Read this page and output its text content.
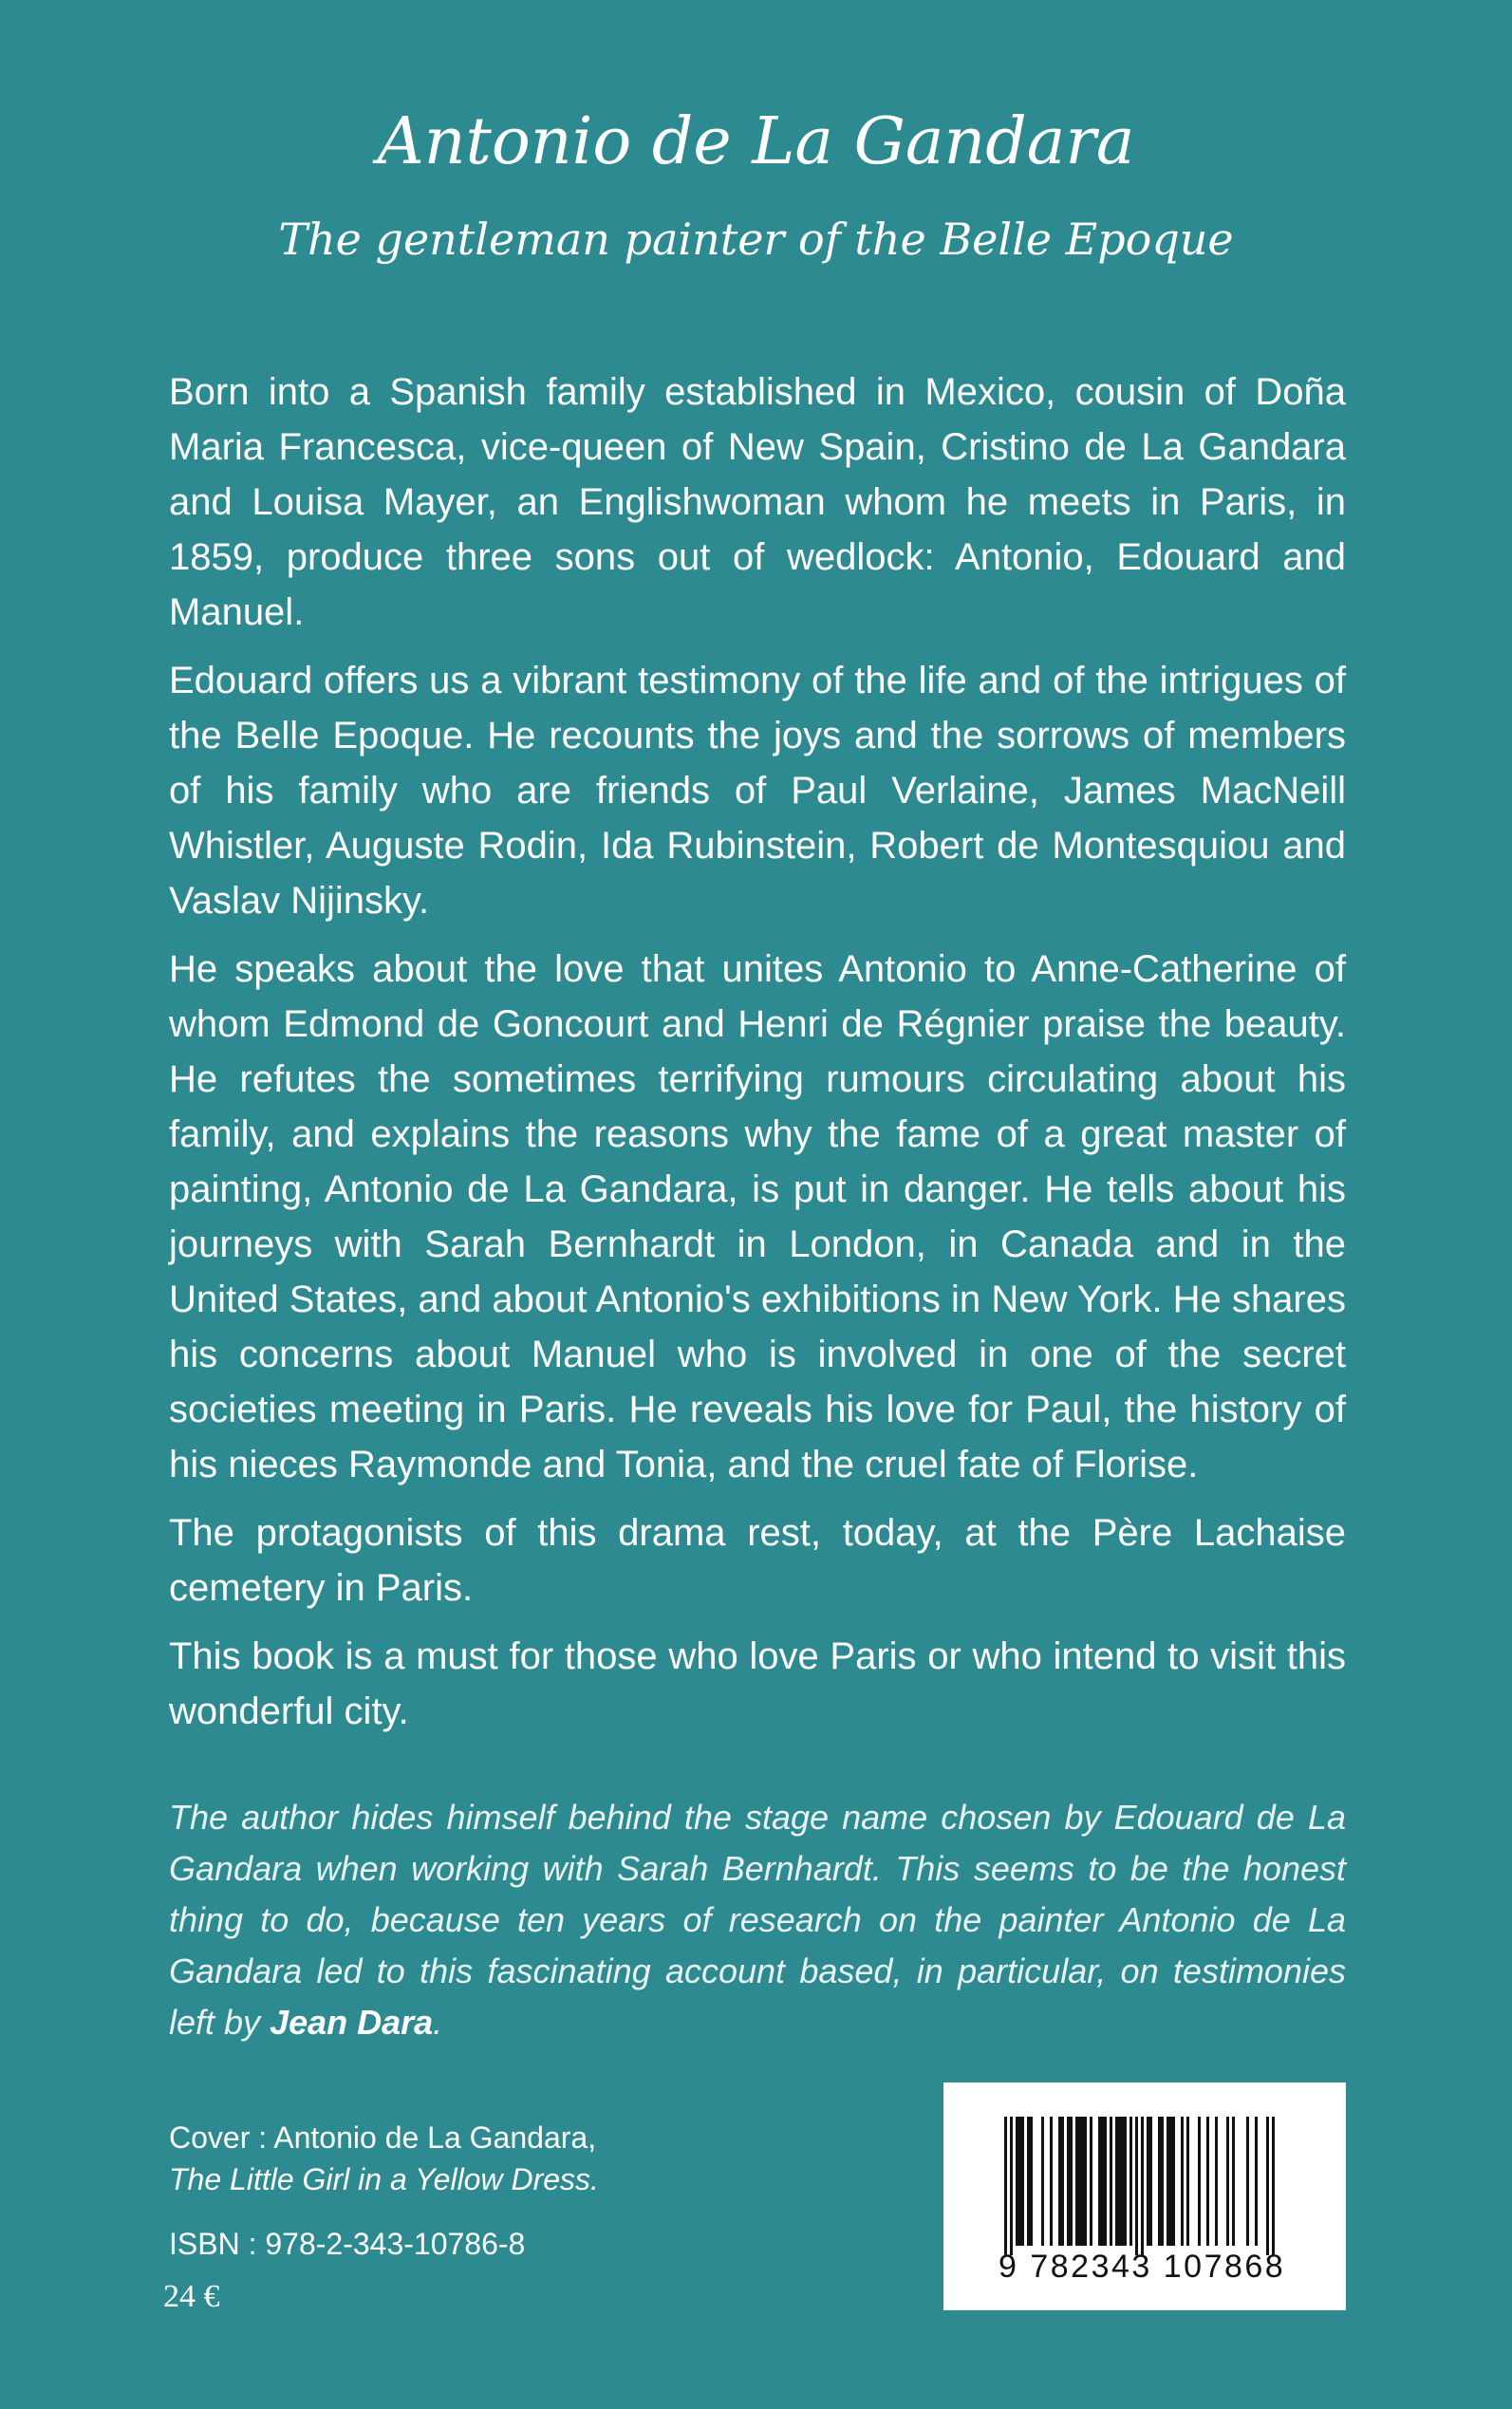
Antonio de La Gandara
The gentleman painter of the Belle Epoque

Born into a Spanish family established in Mexico, cousin of Doña Maria Francesca, vice-queen of New Spain, Cristino de La Gandara and Louisa Mayer, an Englishwoman whom he meets in Paris, in 1859, produce three sons out of wedlock: Antonio, Edouard and Manuel.

Edouard offers us a vibrant testimony of the life and of the intrigues of the Belle Epoque. He recounts the joys and the sorrows of members of his family who are friends of Paul Verlaine, James MacNeill Whistler, Auguste Rodin, Ida Rubinstein, Robert de Montesquiou and Vaslav Nijinsky.

He speaks about the love that unites Antonio to Anne-Catherine of whom Edmond de Goncourt and Henri de Régnier praise the beauty. He refutes the sometimes terrifying rumours circulating about his family, and explains the reasons why the fame of a great master of painting, Antonio de La Gandara, is put in danger. He tells about his journeys with Sarah Bernhardt in London, in Canada and in the United States, and about Antonio's exhibitions in New York. He shares his concerns about Manuel who is involved in one of the secret societies meeting in Paris. He reveals his love for Paul, the history of his nieces Raymonde and Tonia, and the cruel fate of Florise.

The protagonists of this drama rest, today, at the Père Lachaise cemetery in Paris.

This book is a must for those who love Paris or who intend to visit this wonderful city.

The author hides himself behind the stage name chosen by Edouard de La Gandara when working with Sarah Bernhardt. This seems to be the honest thing to do, because ten years of research on the painter Antonio de La Gandara led to this fascinating account based, in particular, on testimonies left by Jean Dara.

Cover : Antonio de La Gandara,
The Little Girl in a Yellow Dress.
ISBN : 978-2-343-10786-8
24 €
9 782343 107868
